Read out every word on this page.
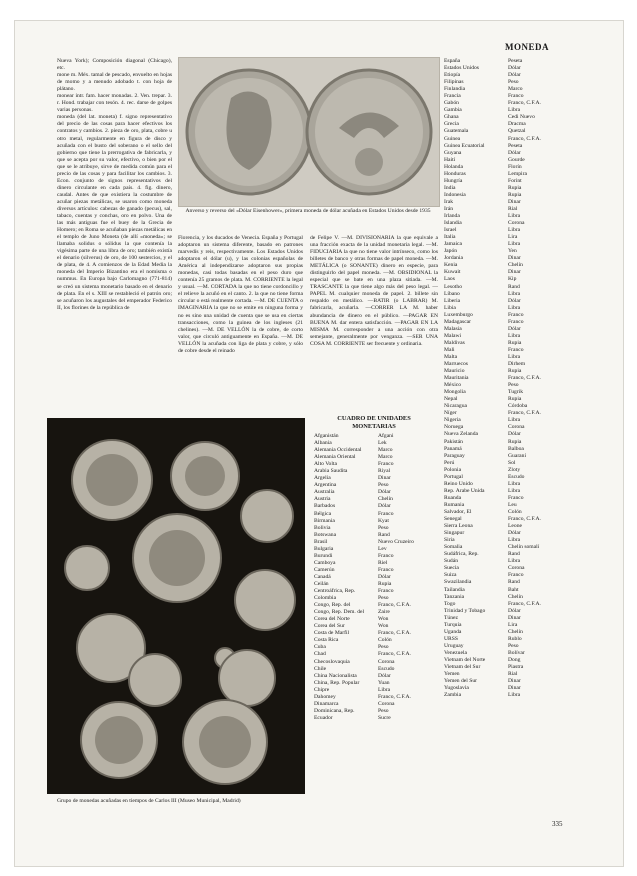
MONEDA

Nueva York); Composición diagonal (Chicago), etc.

mone m. Méx. tamal de pescado, envuelto en hojas de momo y a menudo adobado t. con hoja de plátano.

monear intr. fam. hacer monadas. 2. Ven. trepar. 3. r. Hond. trabajar con tesón. 4. rec. darse de golpes varias personas.

moneda (del lat. moneta) f. signo representativo del precio de las cosas para hacer efectivos los contratos y cambios. 2. pieza de oro, plata, cobre u otro metal, regularmente en figura de disco y acuñada con el busto del soberano o el sello del gobierno que tiene la prerrogativa de fabricarla, y que se acepta por su valor, efectivo, o bien por el que se le atribuye, sirve de medida común para el precio de las cosas y para facilitar los cambios. 3. Econ. conjunto de signos representativos del dinero circulante en cada país. 4. fig. dinero, caudal. Antes de que existiera la costumbre de acuñar piezas metálicas, se usaron como moneda diversos artículos: cabezas de ganado (pecus), sal, tabaco, cuentas y conchas, oro en polvo. Una de las más antiguas fue el buey de la Grecia de Homero; en Roma se acuñaban piezas metálicas en el templo de Juno Moneta (de allí «moneda»; se llamaba solidus o sólidus la que contenía la vigésima parte de una libra de oro; también existía el denario (silverus) de oro, de 100 sestercios, y el de plata, de 4. A comienzos de la Edad Media la moneda del Imperio Bizantino era el nomisma o nummus. En Europa bajo Carlomagno (771-814) se creó un sistema monetario basado en el denario de plata. En el s. XIII se restableció el patrón oro; se acuñaron los augustales del emperador Federico II, los florines de la república de

Anverso y reverso del «Dólar Eisenhower», primera moneda de dólar acuñada en Estados Unidos desde 1935

Florencia, y los ducados de Venecia. España y Portugal adoptaron un sistema diferente, basado en patrones marvedís y reis, respectivamente. Los Estados Unidos adoptaron el dólar (u), y las colonias españolas de América al independizarse adoptaron sus propias monedas, casi todas basadas en el peso duro que contenía 25 gramos de plata. M. CORRIENTE la legal y usual. —M. CORTADA la que no tiene cordoncillo y el relieve la acuñó en el canto. 2. la que no tiene forma circular o está realmente cortada. —M. DE CUENTA o IMAGINARIA la que no se emite en ninguna forma y no es sino una unidad de cuenta que se usa en ciertas transacciones, como la guinea de los ingleses (21 chelines). —M. DE VELLÓN la de cobre, de corto valor, que circuló antiguamente en España. —M. DE VELLÓN la acuñada con liga de plata y cobre, y sólo de cobre desde el reinado

de Felipe V. —M. DIVISIONARIA la que equivale a una fracción exacta de la unidad monetaria legal. —M. FIDUCIARIA la que no tiene valor intrínseco, como los billetes de banco y otras formas de papel moneda. —M. METÁLICA (o SONANTE) dinero en especie, para distinguirlo del papel moneda. —M. OBSIDIONAL la especial que se bate en una plaza sitiada. —M. TRASCANTE la que tiene algo más del peso legal. —PAPEL M. cualquier moneda de papel. 2. billete sin respaldo en metálico. —BATIR (o LABRAR) M. fabricarla, acuñarla. —CORRER LA M. haber abundancia de dinero en el público. —PAGAR EN BUENA M. dar entera satisfacción. —PAGAR EN LA MISMA M. corresponder a una acción con otra semejante, generalmente por venganza. —SER UNA COSA M. CORRIENTE ser frecuente y ordinaria.

Grupo de monedas acuñadas en tiempos de Carlos III (Museo Municipal, Madrid)
CUADRO DE UNIDADES
MONETARIAS
Afganistán	Afgani
Albania	Lek
Alemania Occidental	Marco
Alemania Oriental	Marco
Alto Volta	Franco
Arabia Saudita	Riyal
Argelia	Dinar
Argentina	Peso
Australia	Dólar
Austria	Chelín
Barbados	Dólar
Bélgica	Franco
Birmania	Kyat
Bolivia	Peso
Botswana	Rand
Brasil	Nuevo Cruzeiro
Bulgaria	Lev
Burundi	Franco
Camboya	Riel
Camerún	Franco
Canadá	Dólar
Ceilán	Rupia
Centroáfrica, Rep.	Franco
Colombia	Peso
Congo, Rep. del	Franco, C.F.A.
Congo, Rep. Dem. del	Zaire
Corea del Norte	Won
Corea del Sur	Won
Costa de Marfil	Franco, C.F.A.
Costa Rica	Colón
Cuba	Peso
Chad	Franco, C.F.A.
Checoslovaquia	Corona
Chile	Escudo
China Nacionalista	Dólar
China, Rep. Popular	Yuan
Chipre	Libra
Dahomey	Franco, C.F.A.
Dinamarca	Corona
Dominicana, Rep.	Peso
Ecuador	Sucre
España	Peseta
Estados Unidos	Dólar
Etiopía	Dólar
Filipinas	Peso
Finlandia	Marco
Francia	Franco
Gabón	Franco, C.F.A.
Gambia	Libra
Ghana	Cedi Nuevo
Grecia	Dracma
Guatemala	Quetzal
Guinea	Franco, C.F.A.
Guinea Ecuatorial	Peseta
Guyana	Dólar
Haití	Gourde
Holanda	Florín
Honduras	Lempira
Hungría	Forint
India	Rupia
Indonesia	Rupia
Irak	Dinar
Irán	Rial
Irlanda	Libra
Islandia	Corona
Israel	Libra
Italia	Lira
Jamaica	Libra
Japón	Yen
Jordania	Dinar
Kenia	Chelín
Kuwait	Dinar
Laos	Kip
Lesotho	Rand
Líbano	Libra
Liberia	Dólar
Libia	Libra
Luxemburgo	Franco
Madagascar	Franco
Malasia	Dólar
Malawi	Libra
Maldivas	Rupia
Mali	Franco
Malta	Libra
Marruecos	Dirhem
Mauricio	Rupia
Mauritania	Franco, C.F.A.
México	Peso
Mongolia	Tugrik
Nepal	Rupia
Nicaragua	Córdoba
Níger	Franco, C.F.A.
Nigeria	Libra
Noruega	Corona
Nueva Zelanda	Dólar
Pakistán	Rupia
Panamá	Balboa
Paraguay	Guaraní
Perú	Sol
Polonia	Zloty
Portugal	Escudo
Reino Unido	Libra
Rep. Árabe Unida	Libra
Ruanda	Franco
Rumania	Leu
Salvador, El	Colón
Senegal	Franco, C.F.A.
Sierra Leona	Leone
Singapur	Dólar
Siria	Libra
Somalia	Chelín somalí
Sudáfrica, Rep.	Rand
Sudán	Libra
Suecia	Corona
Suiza	Franco
Swazilandia	Rand
Tailandia	Baht
Tanzania	Chelín
Togo	Franco, C.F.A.
Trinidad y Tobago	Dólar
Túnez	Dinar
Turquía	Lira
Uganda	Chelín
URSS	Rublo
Uruguay	Peso
Venezuela	Bolívar
Vietnam del Norte	Dong
Vietnam del Sur	Piastra
Yemen	Rial
Yemen del Sur	Dinar
Yugoslavia	Dinar
Zambia	Libra
335
